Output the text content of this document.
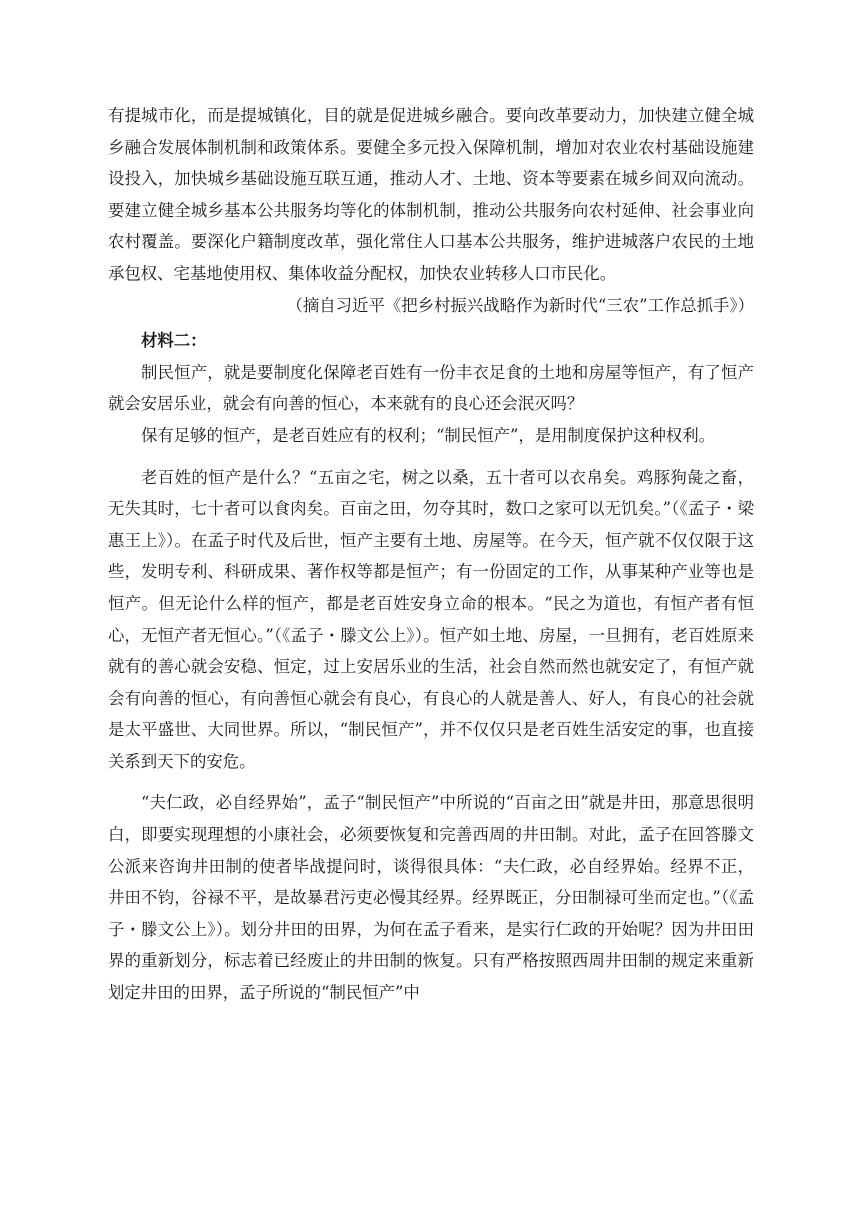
有提城市化，而是提城镇化，目的就是促进城乡融合。要向改革要动力，加快建立健全城乡融合发展体制机制和政策体系。要健全多元投入保障机制，增加对农业农村基础设施建设投入，加快城乡基础设施互联互通，推动人才、土地、资本等要素在城乡间双向流动。要建立健全城乡基本公共服务均等化的体制机制，推动公共服务向农村延伸、社会事业向农村覆盖。要深化户籍制度改革，强化常住人口基本公共服务，维护进城落户农民的土地承包权、宅基地使用权、集体收益分配权，加快农业转移人口市民化。

（摘自习近平《把乡村振兴战略作为新时代“三农”工作总抓手》）

材料二：

制民恒产，就是要制度化保障老百姓有一份丰衣足食的土地和房屋等恒产，有了恒产就会安居乐业，就会有向善的恒心，本来就有的良心还会泯灭吗？

保有足够的恒产，是老百姓应有的权利；“制民恒产”，是用制度保护这种权利。

老百姓的恒产是什么？“五亩之宅，树之以桑，五十者可以衣帛矣。鸡豚狗彘之畜，无失其时，七十者可以食肉矣。百亩之田，勿夺其时，数口之家可以无饥矣。”（《孟子・梁惠王上》）。在孟子时代及后世，恒产主要有土地、房屋等。在今天，恒产就不仅仅限于这些，发明专利、科研成果、著作权等都是恒产；有一份固定的工作，从事某种产业等也是恒产。但无论什么样的恒产，都是老百姓安身立命的根本。“民之为道也，有恒产者有恒心，无恒产者无恒心。”（《孟子・滕文公上》）。恒产如土地、房屋，一旦拥有，老百姓原来就有的善心就会安稳、恒定，过上安居乐业的生活，社会自然而然也就安定了，有恒产就会有向善的恒心，有向善恒心就会有良心，有良心的人就是善人、好人，有良心的社会就是太平盛世、大同世界。所以，“制民恒产”，并不仅仅只是老百姓生活安定的事，也直接关系到天下的安危。

“夫仁政，必自经界始”，孟子“制民恒产”中所说的“百亩之田”就是井田，那意思很明白，即要实现理想的小康社会，必须要恢复和完善西周的井田制。对此，孟子在回答滕文公派来咨询井田制的使者毕战提问时，谈得很具体：“夫仁政，必自经界始。经界不正，井田不钧，谷禄不平，是故暴君污吏必慢其经界。经界既正，分田制禄可坐而定也。”（《孟子・滕文公上》）。划分井田的田界，为何在孟子看来，是实行仁政的开始呢？因为井田田界的重新划分，标志着已经废止的井田制的恢复。只有严格按照西周井田制的规定来重新划定井田的田界，孟子所说的“制民恒产”中
